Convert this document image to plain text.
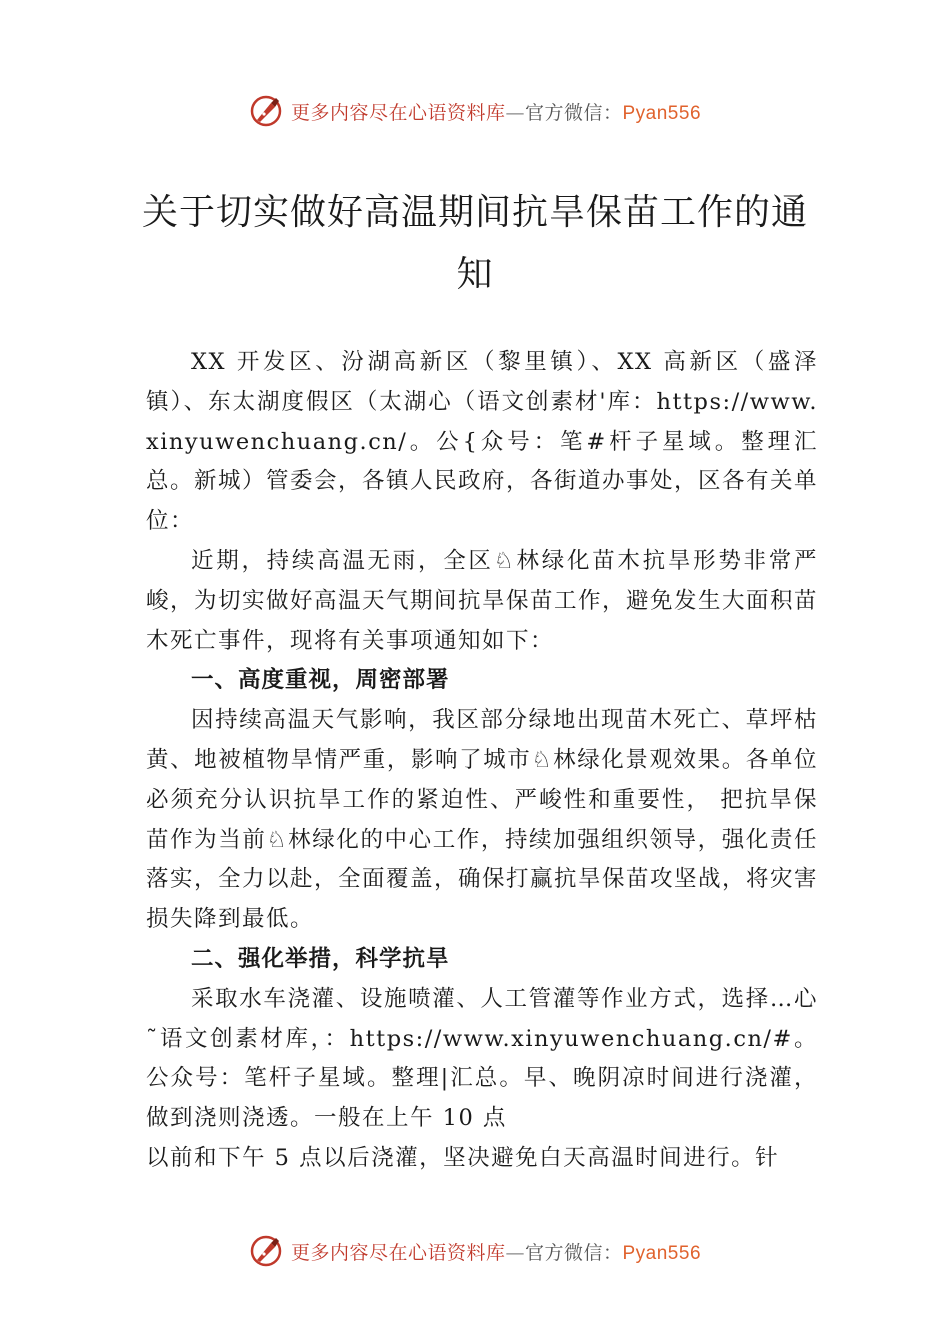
更多内容尽在心语资料库—官方微信：Pyan556
关于切实做好高温期间抗旱保苗工作的通
知

XX 开发区、汾湖高新区（黎里镇）、XX 高新区（盛泽镇）、东太湖度假区（太湖心（语文创素材'库：https://www.xinyuwenchuang.cn/。公{众号：笔#杆子星域。整理汇总。新城）管委会，各镇人民政府，各街道办事处，区各有关单位：

近期，持续高温无雨，全区♘林绿化苗木抗旱形势非常严峻，为切实做好高温天气期间抗旱保苗工作，避免发生大面积苗木死亡事件，现将有关事项通知如下：

一、高度重视，周密部署

因持续高温天气影响，我区部分绿地出现苗木死亡、草坪枯黄、地被植物旱情严重，影响了城市♘林绿化景观效果。各单位必须充分认识抗旱工作的紧迫性、严峻性和重要性， 把抗旱保苗作为当前♘林绿化的中心工作，持续加强组织领导，强化责任落实，全力以赴，全面覆盖，确保打赢抗旱保苗攻坚战，将灾害损失降到最低。

二、强化举措，科学抗旱

采取水车浇灌、设施喷灌、人工管灌等作业方式，选择…心˜语文创素材库，：https://www.xinyuwenchuang.cn/#。公众号：笔杆子星域。整理|汇总。早、晚阴凉时间进行浇灌，做到浇则浇透。一般在上午 10 点

以前和下午 5 点以后浇灌，坚决避免白天高温时间进行。针

更多内容尽在心语资料库—官方微信：Pyan556
